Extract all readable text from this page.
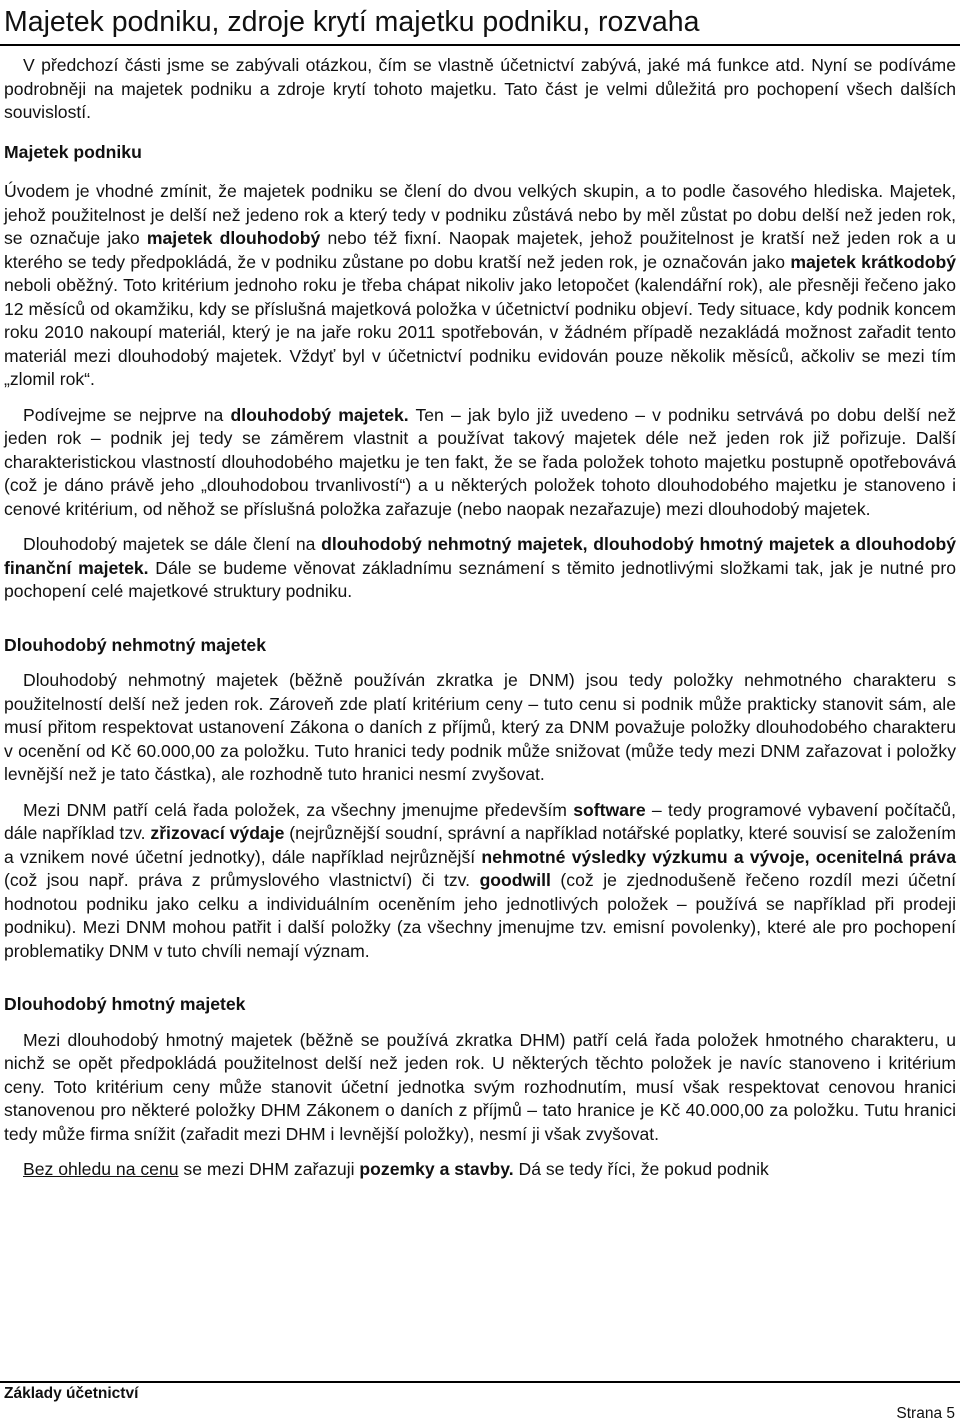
Majetek podniku, zdroje krytí majetku podniku, rozvaha

V předchozí části jsme se zabývali otázkou, čím se vlastně účetnictví zabývá, jaké má funkce atd. Nyní se podíváme podrobněji na majetek podniku a zdroje krytí tohoto majetku. Tato část je velmi důležitá pro pochopení všech dalších souvislostí.

Majetek podniku

Úvodem je vhodné zmínit, že majetek podniku se člení do dvou velkých skupin, a to podle časového hlediska. Majetek, jehož použitelnost je delší než jedeno rok a který tedy v podniku zůstává nebo by měl zůstat po dobu delší než jeden rok, se označuje jako majetek dlouhodobý nebo též fixní. Naopak majetek, jehož použitelnost je kratší než jeden rok a u kterého se tedy předpokládá, že v podniku zůstane po dobu kratší než jeden rok, je označován jako majetek krátkodobý neboli oběžný. Toto kritérium jednoho roku je třeba chápat nikoliv jako letopočet (kalendářní rok), ale přesněji řečeno jako 12 měsíců od okamžiku, kdy se příslušná majetková položka v účetnictví podniku objeví. Tedy situace, kdy podnik koncem roku 2010 nakoupí materiál, který je na jaře roku 2011 spotřebován, v žádném případě nezakládá možnost zařadit tento materiál mezi dlouhodobý majetek. Vždyť byl v účetnictví podniku evidován pouze několik měsíců, ačkoliv se mezi tím „zlomil rok“.

Podívejme se nejprve na dlouhodobý majetek. Ten – jak bylo již uvedeno – v podniku setrvává po dobu delší než jeden rok – podnik jej tedy se záměrem vlastnit a používat takový majetek déle než jeden rok již pořizuje. Další charakteristickou vlastností dlouhodobého majetku je ten fakt, že se řada položek tohoto majetku postupně opotřebovává (což je dáno právě jeho „dlouhodobou trvanlivostí“) a u některých položek tohoto dlouhodobého majetku je stanoveno i cenové kritérium, od něhož se příslušná položka zařazuje (nebo naopak nezařazuje) mezi dlouhodobý majetek.

Dlouhodobý majetek se dále člení na dlouhodobý nehmotný majetek, dlouhodobý hmotný majetek a dlouhodobý finanční majetek. Dále se budeme věnovat základnímu seznámení s těmito jednotlivými složkami tak, jak je nutné pro pochopení celé majetkové struktury podniku.

Dlouhodobý nehmotný majetek

Dlouhodobý nehmotný majetek (běžně používán zkratka je DNM) jsou tedy položky nehmotného charakteru s použitelností delší než jeden rok. Zároveň zde platí kritérium ceny – tuto cenu si podnik může prakticky stanovit sám, ale musí přitom respektovat ustanovení Zákona o daních z příjmů, který za DNM považuje položky dlouhodobého charakteru v ocenění od Kč 60.000,00 za položku. Tuto hranici tedy podnik může snižovat (může tedy mezi DNM zařazovat i položky levnější než je tato částka), ale rozhodně tuto hranici nesmí zvyšovat.

Mezi DNM patří celá řada položek, za všechny jmenujme především software – tedy programové vybavení počítačů, dále například tzv. zřizovací výdaje (nejrůznější soudní, správní a například notářské poplatky, které souvisí se založením a vznikem nové účetní jednotky), dále například nejrůznější nehmotné výsledky výzkumu a vývoje, ocenitelná práva (což jsou např. práva z průmyslového vlastnictví) či tzv. goodwill (což je zjednodušeně řečeno rozdíl mezi účetní hodnotou podniku jako celku a individuálním oceněním jeho jednotlivých položek – používá se například při prodeji podniku). Mezi DNM mohou patřit i další položky (za všechny jmenujme tzv. emisní povolenky), které ale pro pochopení problematiky DNM v tuto chvíli nemají význam.

Dlouhodobý hmotný majetek

Mezi dlouhodobý hmotný majetek (běžně se používá zkratka DHM) patří celá řada položek hmotného charakteru, u nichž se opět předpokládá použitelnost delší než jeden rok. U některých těchto položek je navíc stanoveno i kritérium ceny. Toto kritérium ceny může stanovit účetní jednotka svým rozhodnutím, musí však respektovat cenovou hranici stanovenou pro některé položky DHM Zákonem o daních z příjmů – tato hranice je Kč 40.000,00 za položku. Tutu hranici tedy může firma snížit (zařadit mezi DHM i levnější položky), nesmí ji však zvyšovat.

Bez ohledu na cenu se mezi DHM zařazuji pozemky a stavby. Dá se tedy říci, že pokud podnik

Základy účetnictví
Strana 5
